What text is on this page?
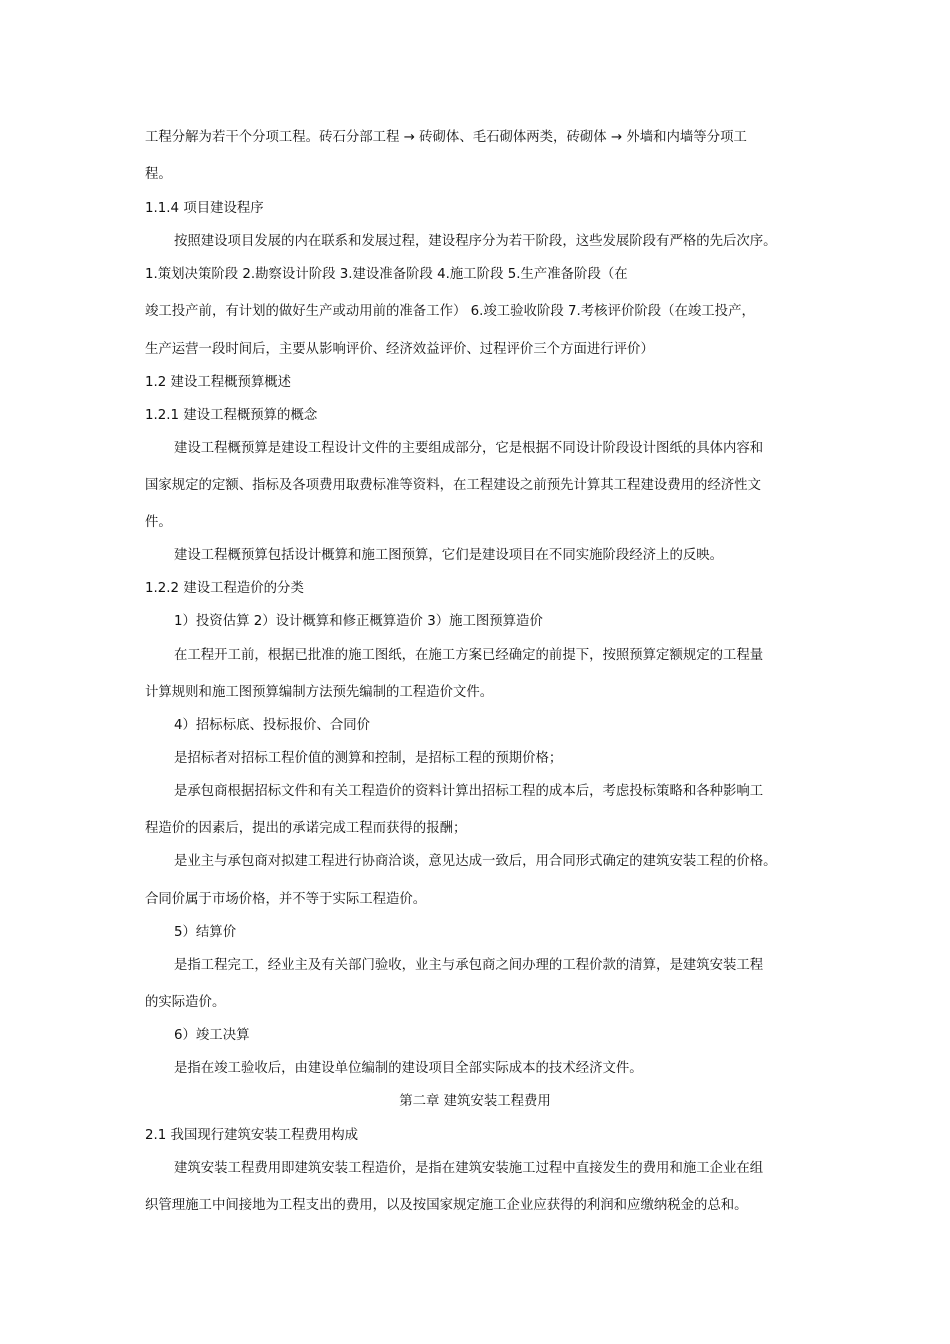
工程分解为若干个分项工程。砖石分部工程 → 砖砌体、毛石砌体两类，砖砌体 → 外墙和内墙等分项工
程。
1.1.4 项目建设程序
按照建设项目发展的内在联系和发展过程，建设程序分为若干阶段，这些发展阶段有严格的先后次序。
1.策划决策阶段 2.勘察设计阶段 3.建设准备阶段 4.施工阶段 5.生产准备阶段（在
竣工投产前，有计划的做好生产或动用前的准备工作） 6.竣工验收阶段 7.考核评价阶段（在竣工投产，
生产运营一段时间后，主要从影响评价、经济效益评价、过程评价三个方面进行评价）
1.2 建设工程概预算概述
1.2.1 建设工程概预算的概念
建设工程概预算是建设工程设计文件的主要组成部分，它是根据不同设计阶段设计图纸的具体内容和
国家规定的定额、指标及各项费用取费标准等资料，在工程建设之前预先计算其工程建设费用的经济性文
件。
建设工程概预算包括设计概算和施工图预算，它们是建设项目在不同实施阶段经济上的反映。
1.2.2 建设工程造价的分类
1）投资估算 2）设计概算和修正概算造价 3）施工图预算造价
在工程开工前，根据已批准的施工图纸，在施工方案已经确定的前提下，按照预算定额规定的工程量
计算规则和施工图预算编制方法预先编制的工程造价文件。
4）招标标底、投标报价、合同价
是招标者对招标工程价值的测算和控制，是招标工程的预期价格；
是承包商根据招标文件和有关工程造价的资料计算出招标工程的成本后，考虑投标策略和各种影响工
程造价的因素后，提出的承诺完成工程而获得的报酬；
是业主与承包商对拟建工程进行协商洽谈，意见达成一致后，用合同形式确定的建筑安装工程的价格。
合同价属于市场价格，并不等于实际工程造价。
5）结算价
是指工程完工，经业主及有关部门验收，业主与承包商之间办理的工程价款的清算，是建筑安装工程
的实际造价。
6）竣工决算
是指在竣工验收后，由建设单位编制的建设项目全部实际成本的技术经济文件。
第二章 建筑安装工程费用
2.1 我国现行建筑安装工程费用构成
建筑安装工程费用即建筑安装工程造价，是指在建筑安装施工过程中直接发生的费用和施工企业在组
织管理施工中间接地为工程支出的费用，以及按国家规定施工企业应获得的利润和应缴纳税金的总和。
